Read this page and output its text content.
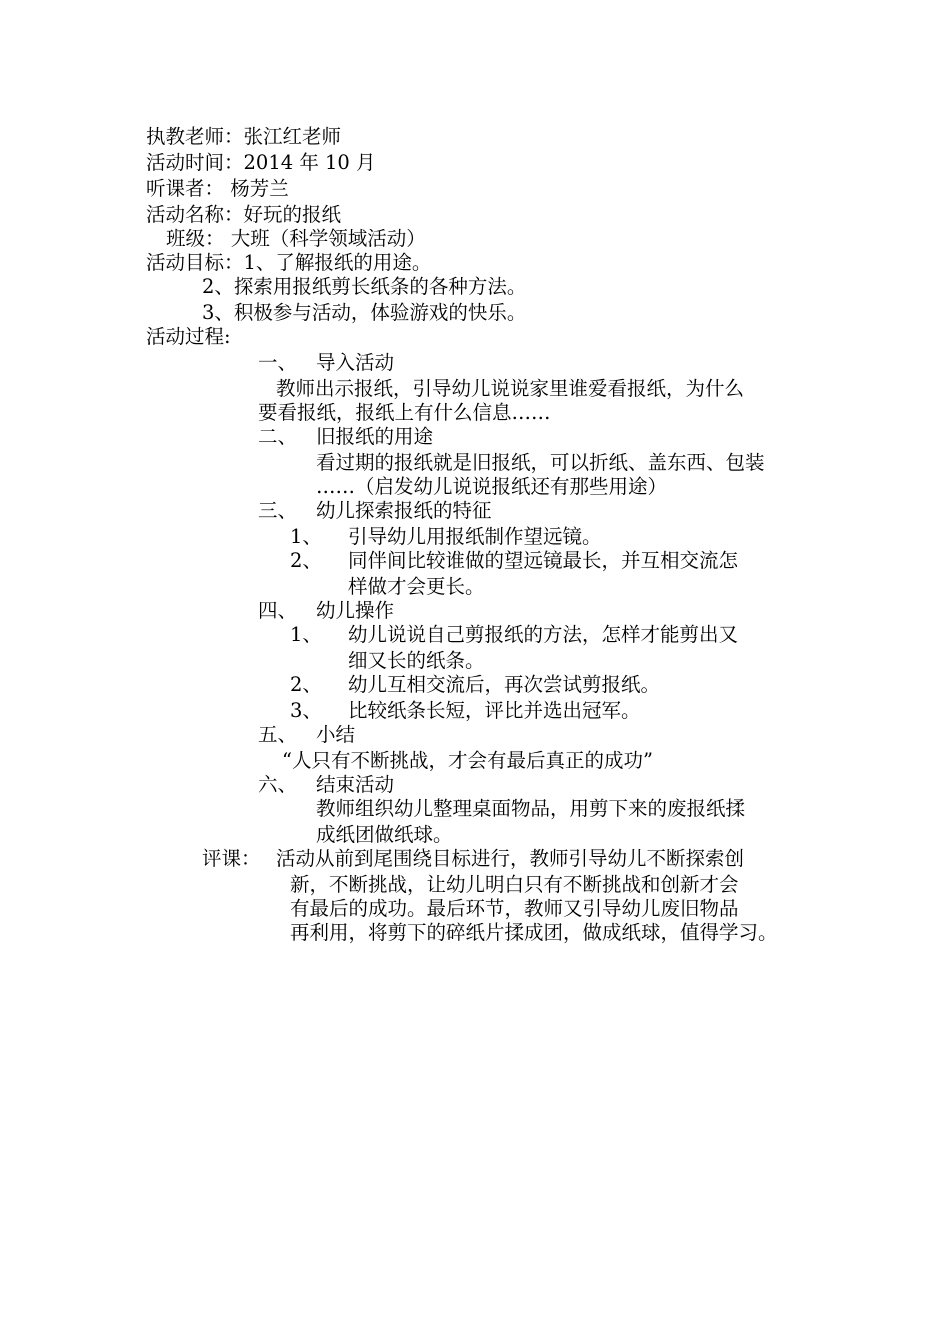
执教老师：张江红老师
活动时间：2014 年 10 月
听课者： 杨芳兰
活动名称：好玩的报纸
班级： 大班（科学领域活动）
活动目标：1、了解报纸的用途。
2、探索用报纸剪长纸条的各种方法。
3、积极参与活动，体验游戏的快乐。
活动过程:
一、 导入活动
教师出示报纸，引导幼儿说说家里谁爱看报纸，为什么
要看报纸，报纸上有什么信息……
二、 旧报纸的用途
看过期的报纸就是旧报纸，可以折纸、盖东西、包装
……（启发幼儿说说报纸还有那些用途）
三、 幼儿探索报纸的特征
1、 引导幼儿用报纸制作望远镜。
2、 同伴间比较谁做的望远镜最长，并互相交流怎
样做才会更长。
四、 幼儿操作
1、 幼儿说说自己剪报纸的方法，怎样才能剪出又
细又长的纸条。
2、 幼儿互相交流后，再次尝试剪报纸。
3、 比较纸条长短，评比并选出冠军。
五、 小结
“人只有不断挑战，才会有最后真正的成功”
六、 结束活动
教师组织幼儿整理桌面物品，用剪下来的废报纸揉
成纸团做纸球。
评课： 活动从前到尾围绕目标进行，教师引导幼儿不断探索创
新，不断挑战，让幼儿明白只有不断挑战和创新才会
有最后的成功。最后环节，教师又引导幼儿废旧物品
再利用，将剪下的碎纸片揉成团，做成纸球，值得学习。
